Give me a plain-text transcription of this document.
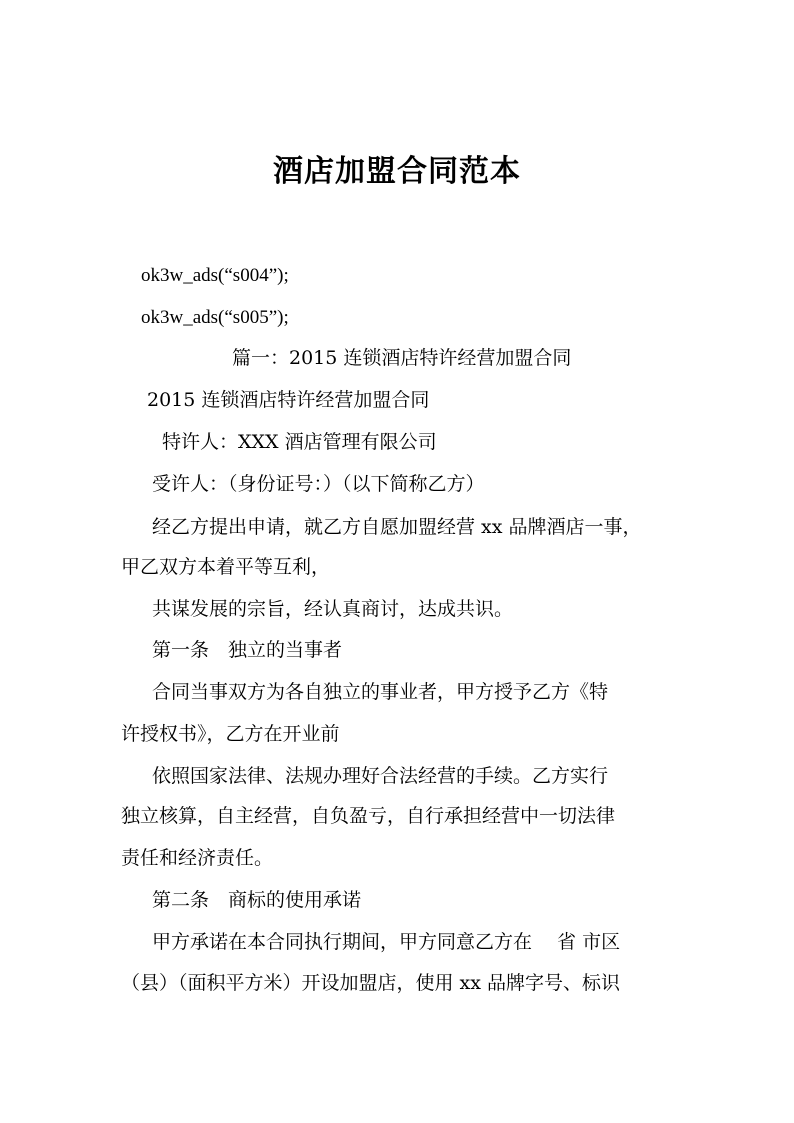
酒店加盟合同范本
ok3w_ads(“s004”);
ok3w_ads(“s005”);
篇一：2015 连锁酒店特许经营加盟合同
2015 连锁酒店特许经营加盟合同
特许人：XXX 酒店管理有限公司
受许人：（身份证号：）（以下简称乙方）
经乙方提出申请，就乙方自愿加盟经营 xx 品牌酒店一事，
甲乙双方本着平等互利，
共谋发展的宗旨，经认真商讨，达成共识。
第一条　独立的当事者
合同当事双方为各自独立的事业者，甲方授予乙方《特
许授权书》，乙方在开业前
依照国家法律、法规办理好合法经营的手续。乙方实行
独立核算，自主经营，自负盈亏，自行承担经营中一切法律
责任和经济责任。
第二条　商标的使用承诺
甲方承诺在本合同执行期间，甲方同意乙方在　 省 市区
（县）（面积平方米）开设加盟店，使用 xx 品牌字号、标识
